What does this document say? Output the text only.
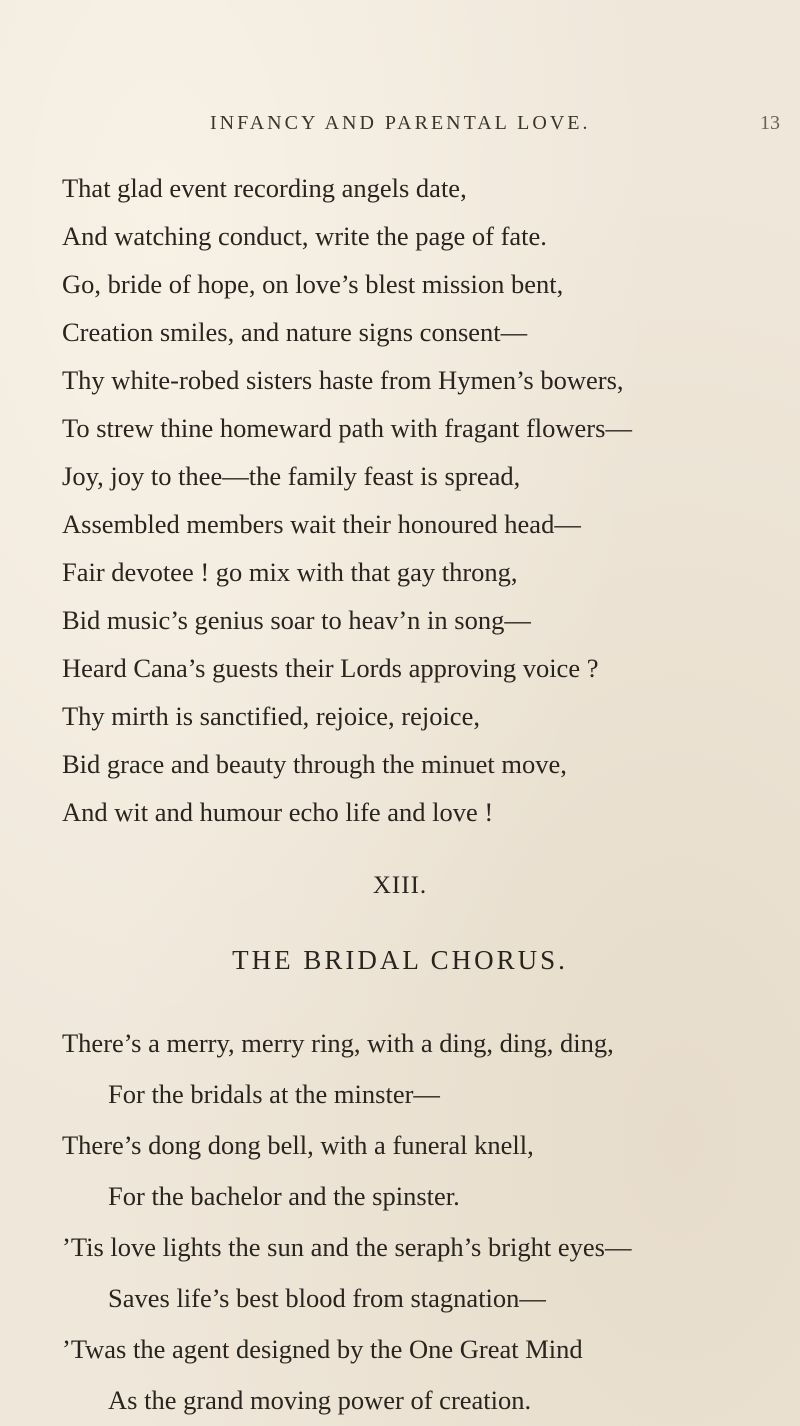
INFANCY AND PARENTAL LOVE.	13
That glad event recording angels date,
And watching conduct, write the page of fate.
Go, bride of hope, on love’s blest mission bent,
Creation smiles, and nature signs consent—
Thy white-robed sisters haste from Hymen’s bowers,
To strew thine homeward path with fragant flowers—
Joy, joy to thee—the family feast is spread,
Assembled members wait their honoured head—
Fair devotee ! go mix with that gay throng,
Bid music’s genius soar to heav’n in song—
Heard Cana’s guests their Lords approving voice ?
Thy mirth is sanctified, rejoice, rejoice,
Bid grace and beauty through the minuet move,
And wit and humour echo life and love !
XIII.
THE BRIDAL CHORUS.
There’s a merry, merry ring, with a ding, ding, ding,
For the bridals at the minster—
There’s dong dong bell, with a funeral knell,
For the bachelor and the spinster.
’Tis love lights the sun and the seraph’s bright eyes—
Saves life’s best blood from stagnation—
’Twas the agent designed by the One Great Mind
As the grand moving power of creation.
